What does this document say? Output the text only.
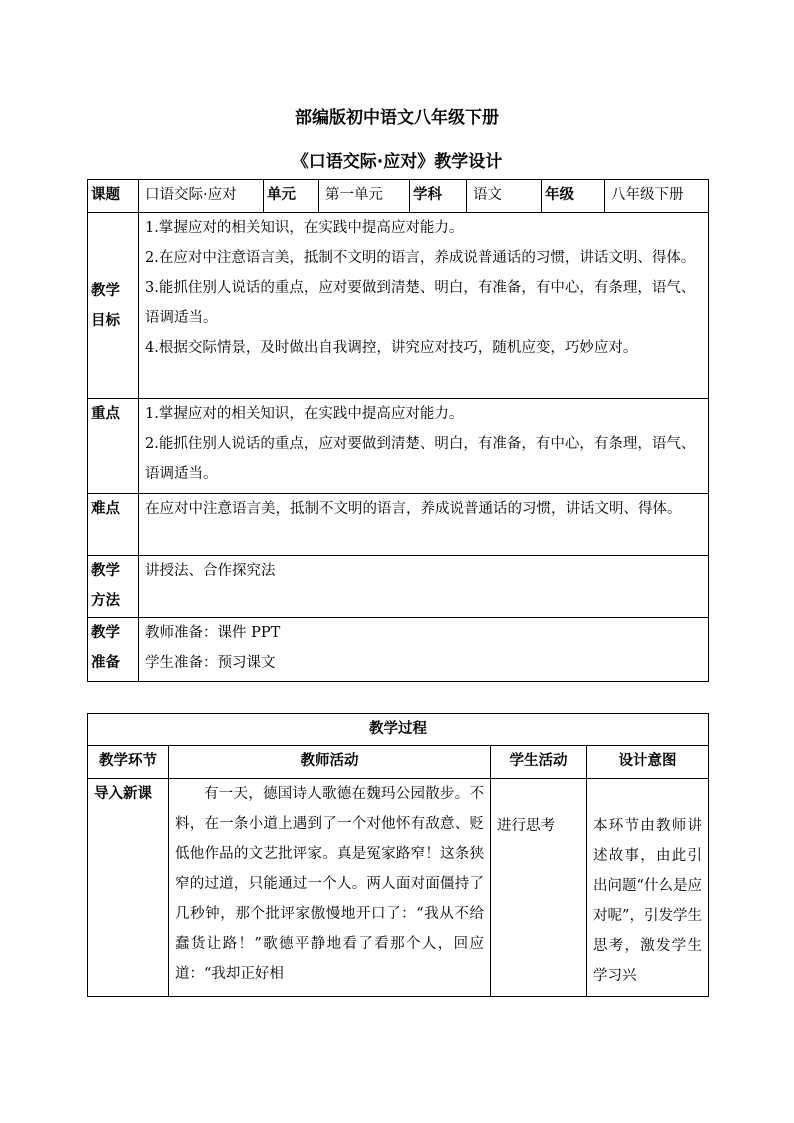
部编版初中语文八年级下册
《口语交际·应对》教学设计
课题	口语交际·应对	单元	第一单元	学科	语文	年级	八年级下册

教学
目标	1.掌握应对的相关知识，在实践中提高应对能力。
2.在应对中注意语言美，抵制不文明的语言，养成说普通话的习惯，讲话文明、得体。
3.能抓住别人说话的重点，应对要做到清楚、明白，有准备，有中心，有条理，语气、语调适当。
4.根据交际情景，及时做出自我调控，讲究应对技巧，随机应变，巧妙应对。						

重点	1.掌握应对的相关知识，在实践中提高应对能力。
2.能抓住别人说话的重点，应对要做到清楚、明白，有准备，有中心，有条理，语气、语调适当。						

难点	在应对中注意语言美，抵制不文明的语言，养成说普通话的习惯，讲话文明、得体。						

教学
方法	讲授法、合作探究法						

教学
准备	教师准备：课件 PPT
学生准备：预习课文						
教学过程			
教学环节	教师活动	学生活动	设计意图
导入新课	有一天，德国诗人歌德在魏玛公园散步。不料，在一条小道上遇到了一个对他怀有敌意、贬低他作品的文艺批评家。真是冤家路窄！这条狭窄的过道，只能通过一个人。两人面对面僵持了几秒钟，那个批评家傲慢地开口了：“我从不给蠢货让路！”歌德平静地看了看那个人，回应道：“我却正好相	进行思考	本环节由教师讲述故事，由此引出问题“什么是应对呢”，引发学生思考，激发学生学习兴
